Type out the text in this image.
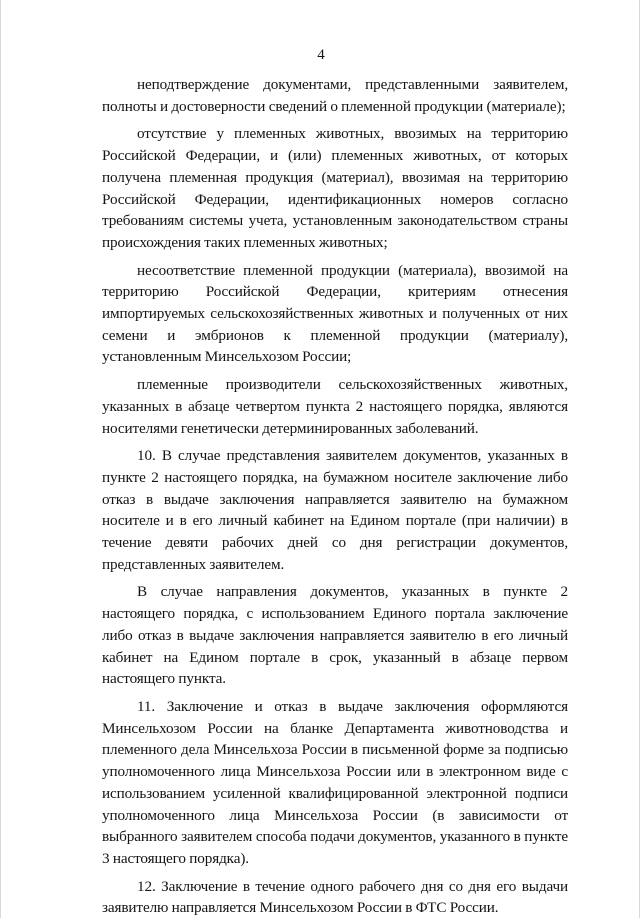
4

неподтверждение документами, представленными заявителем, полноты и достоверности сведений о племенной продукции (материале);

отсутствие у племенных животных, ввозимых на территорию Российской Федерации, и (или) племенных животных, от которых получена племенная продукция (материал), ввозимая на территорию Российской Федерации, идентификационных номеров согласно требованиям системы учета, установленным законодательством страны происхождения таких племенных животных;

несоответствие племенной продукции (материала), ввозимой на территорию Российской Федерации, критериям отнесения импортируемых сельскохозяйственных животных и полученных от них семени и эмбрионов к племенной продукции (материалу), установленным Минсельхозом России;

племенные производители сельскохозяйственных животных, указанных в абзаце четвертом пункта 2 настоящего порядка, являются носителями генетически детерминированных заболеваний.

10. В случае представления заявителем документов, указанных в пункте 2 настоящего порядка, на бумажном носителе заключение либо отказ в выдаче заключения направляется заявителю на бумажном носителе и в его личный кабинет на Едином портале (при наличии) в течение девяти рабочих дней со дня регистрации документов, представленных заявителем.

В случае направления документов, указанных в пункте 2 настоящего порядка, с использованием Единого портала заключение либо отказ в выдаче заключения направляется заявителю в его личный кабинет на Едином портале в срок, указанный в абзаце первом настоящего пункта.

11. Заключение и отказ в выдаче заключения оформляются Минсельхозом России на бланке Департамента животноводства и племенного дела Минсельхоза России в письменной форме за подписью уполномоченного лица Минсельхоза России или в электронном виде с использованием усиленной квалифицированной электронной подписи уполномоченного лица Минсельхоза России (в зависимости от выбранного заявителем способа подачи документов, указанного в пункте 3 настоящего порядка).

12. Заключение в течение одного рабочего дня со дня его выдачи заявителю направляется Минсельхозом России в ФТС России.
